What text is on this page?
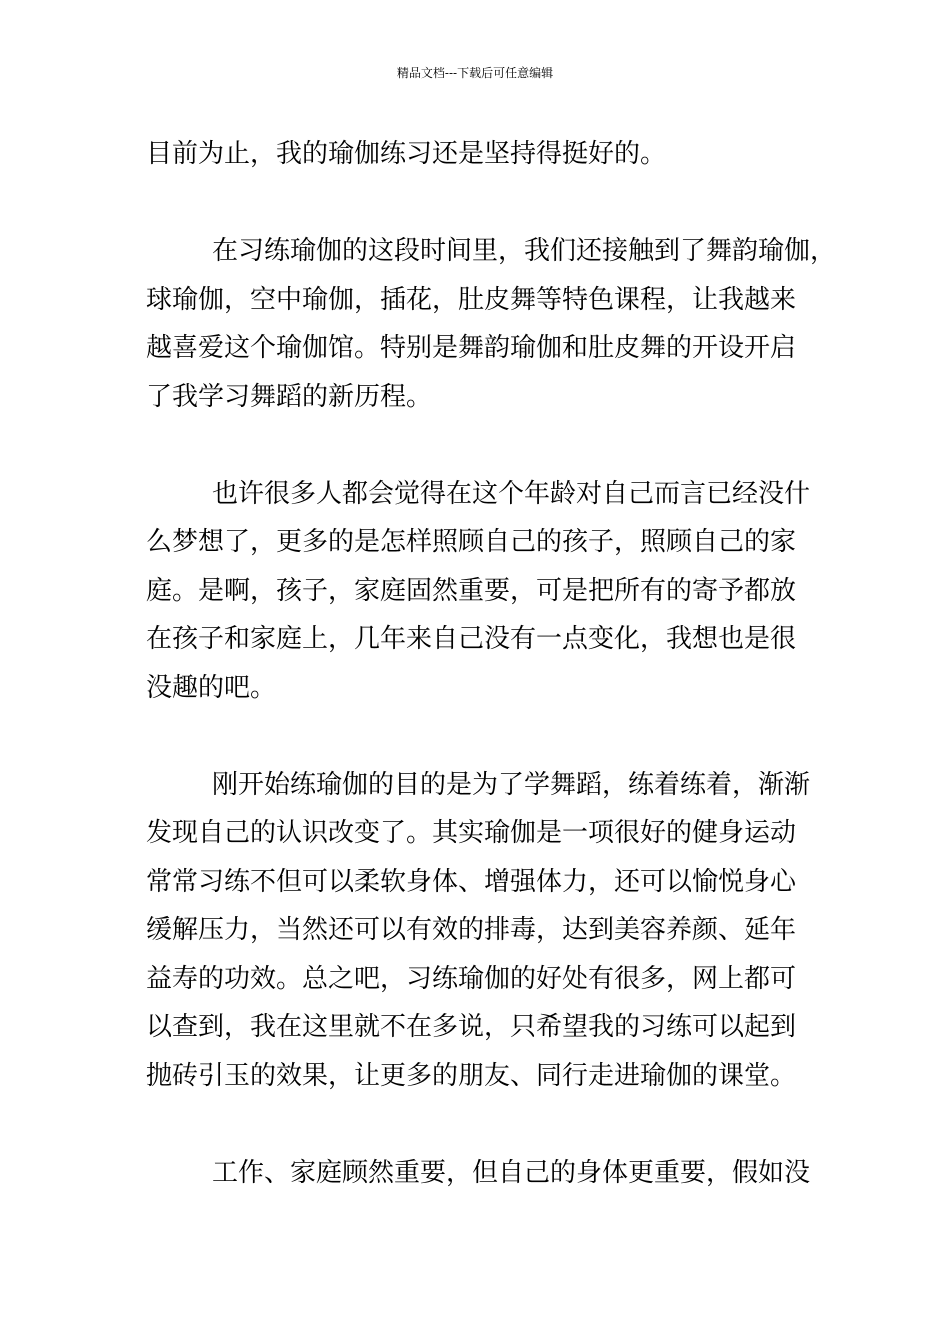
精品文档---下载后可任意编辑
目前为止，我的瑜伽练习还是坚持得挺好的。
在习练瑜伽的这段时间里，我们还接触到了舞韵瑜伽，
球瑜伽，空中瑜伽，插花，肚皮舞等特色课程，让我越来
越喜爱这个瑜伽馆。特别是舞韵瑜伽和肚皮舞的开设开启
了我学习舞蹈的新历程。
也许很多人都会觉得在这个年龄对自己而言已经没什
么梦想了，更多的是怎样照顾自己的孩子，照顾自己的家
庭。是啊，孩子，家庭固然重要，可是把所有的寄予都放
在孩子和家庭上，几年来自己没有一点变化，我想也是很
没趣的吧。
刚开始练瑜伽的目的是为了学舞蹈，练着练着，渐渐
发现自己的认识改变了。其实瑜伽是一项很好的健身运动
常常习练不但可以柔软身体、增强体力，还可以愉悦身心
缓解压力，当然还可以有效的排毒，达到美容养颜、延年
益寿的功效。总之吧，习练瑜伽的好处有很多，网上都可
以查到，我在这里就不在多说，只希望我的习练可以起到
抛砖引玉的效果，让更多的朋友、同行走进瑜伽的课堂。
工作、家庭顾然重要，但自己的身体更重要，假如没
